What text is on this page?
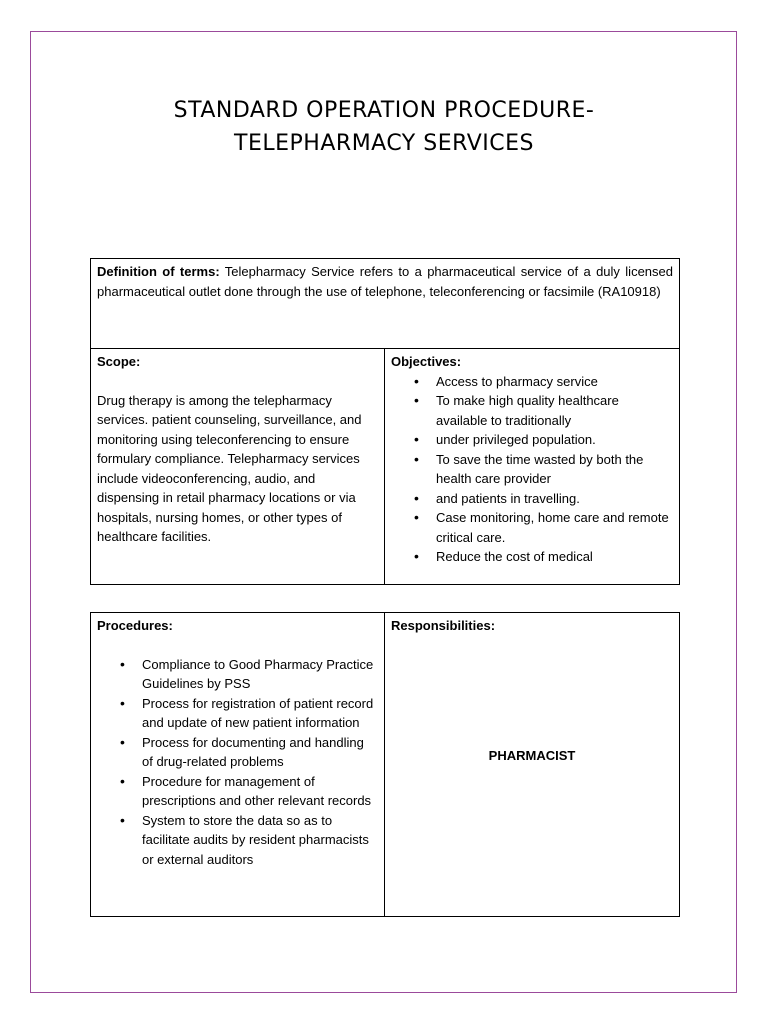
STANDARD OPERATION PROCEDURE-
TELEPHARMACY SERVICES
Definition of terms: Telepharmacy Service refers to a pharmaceutical service of a duly licensed pharmaceutical outlet done through the use of telephone, teleconferencing or facsimile (RA10918)

Scope:
Drug therapy is among the telepharmacy services. patient counseling, surveillance, and monitoring using teleconferencing to ensure formulary compliance. Telepharmacy services include videoconferencing, audio, and dispensing in retail pharmacy locations or via hospitals, nursing homes, or other types of healthcare facilities.

Objectives:
• Access to pharmacy service
• To make high quality healthcare available to traditionally
• under privileged population.
• To save the time wasted by both the health care provider
• and patients in travelling.
• Case monitoring, home care and remote critical care.
• Reduce the cost of medical
Procedures:
• Compliance to Good Pharmacy Practice Guidelines by PSS
• Process for registration of patient record and update of new patient information
• Process for documenting and handling of drug-related problems
• Procedure for management of prescriptions and other relevant records
• System to store the data so as to facilitate audits by resident pharmacists or external auditors

Responsibilities:
PHARMACIST
